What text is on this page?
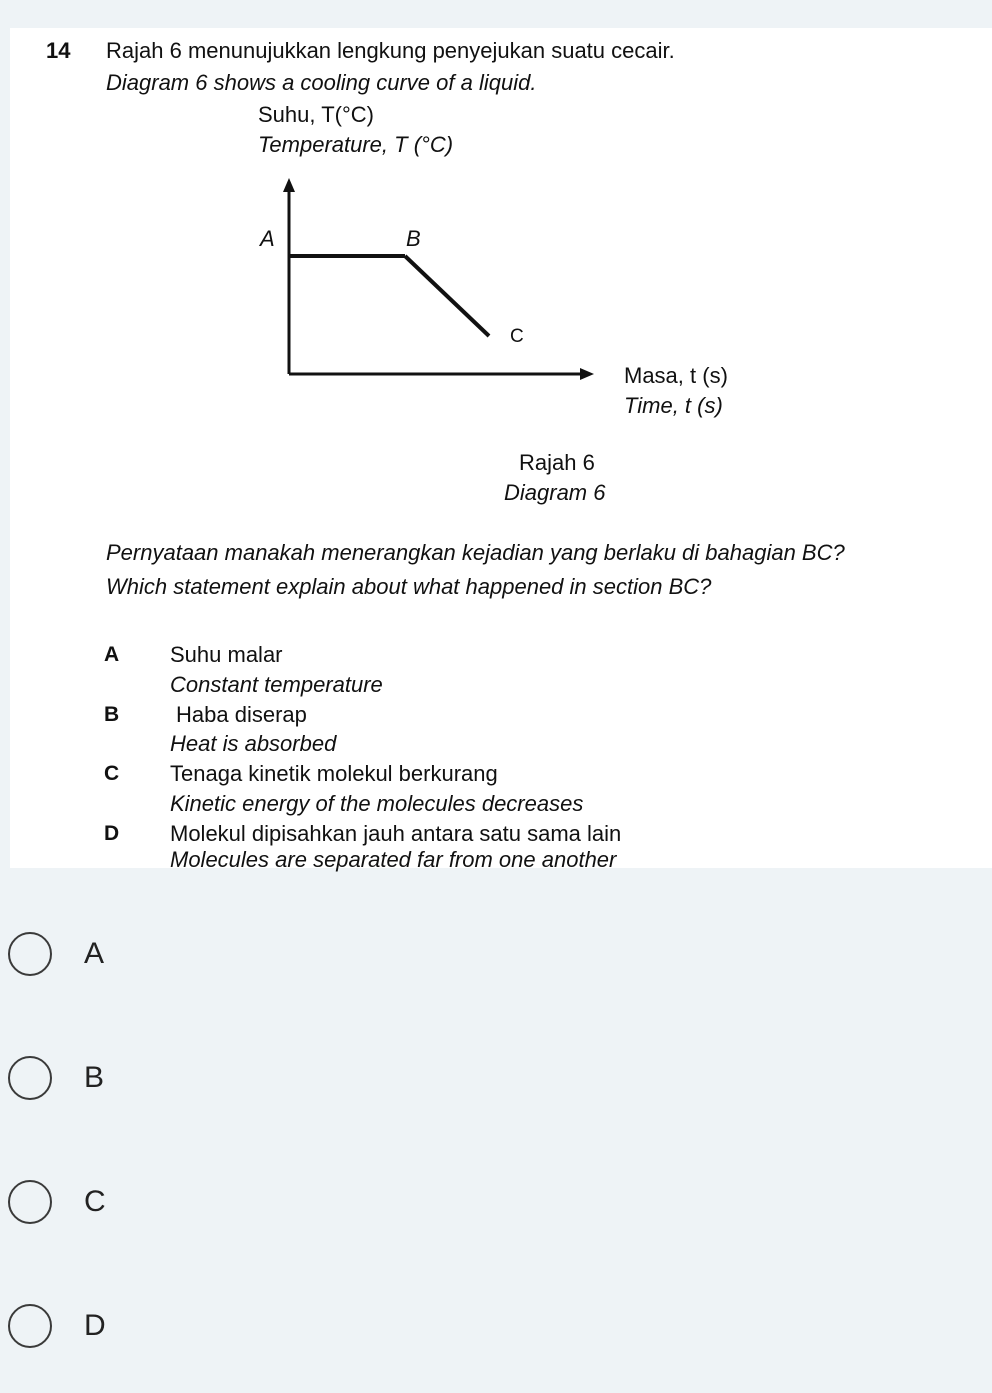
14 Rajah 6 menunujukkan lengkung penyejukan suatu cecair.
Diagram 6 shows a cooling curve of a liquid.
Suhu, T(°C)
Temperature, T (°C)
A	B
C
Masa, t (s)
Time, t (s)
Rajah 6
Diagram 6
Pernyataan manakah menerangkan kejadian yang berlaku di bahagian BC?
Which statement explain about what happened in section BC?
A Suhu malar
Constant temperature
B	Haba diserap
Heat is absorbed
C Tenaga kinetik molekul berkurang
Kinetic energy of the molecules decreases
D Molekul dipisahkan jauh antara satu sama lain
Molecules are separated far from one another
A
B
C
D
